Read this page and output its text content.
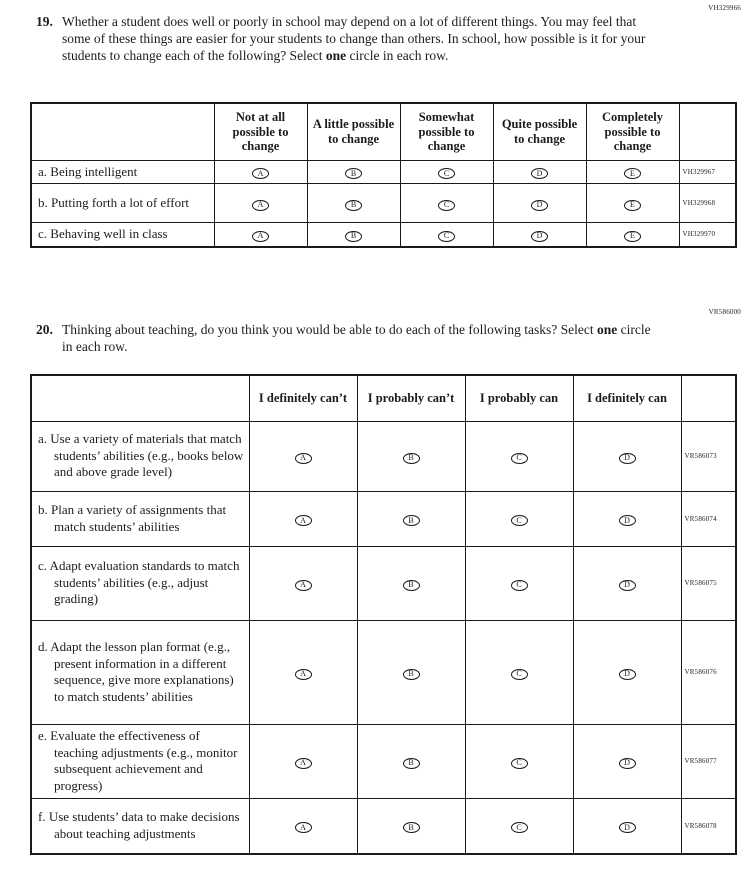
VH329966
19. Whether a student does well or poorly in school may depend on a lot of different things. You may feel that some of these things are easier for your students to change than others. In school, how possible is it for your students to change each of the following? Select one circle in each row.
	Not at all possible to change	A little possible to change	Somewhat possible to change	Quite possible to change	Completely possible to change	
a. Being intelligent	A	B	C	D	E	VH329967
b. Putting forth a lot of effort	A	B	C	D	E	VH329968
c. Behaving well in class	A	B	C	D	E	VH329970
VR586000
20. Thinking about teaching, do you think you would be able to do each of the following tasks? Select one circle in each row.
	I definitely can’t	I probably can’t	I probably can	I definitely can	
a. Use a variety of materials that match students’ abilities (e.g., books below and above grade level)	A	B	C	D	VR586073
b. Plan a variety of assignments that match students’ abilities	A	B	C	D	VR586074
c. Adapt evaluation standards to match students’ abilities (e.g., adjust grading)	A	B	C	D	VR586075
d. Adapt the lesson plan format (e.g., present information in a different sequence, give more explanations) to match students’ abilities	A	B	C	D	VR586076
e. Evaluate the effectiveness of teaching adjustments (e.g., monitor subsequent achievement and progress)	A	B	C	D	VR586077
f. Use students’ data to make decisions about teaching adjustments	A	B	C	D	VR586078
